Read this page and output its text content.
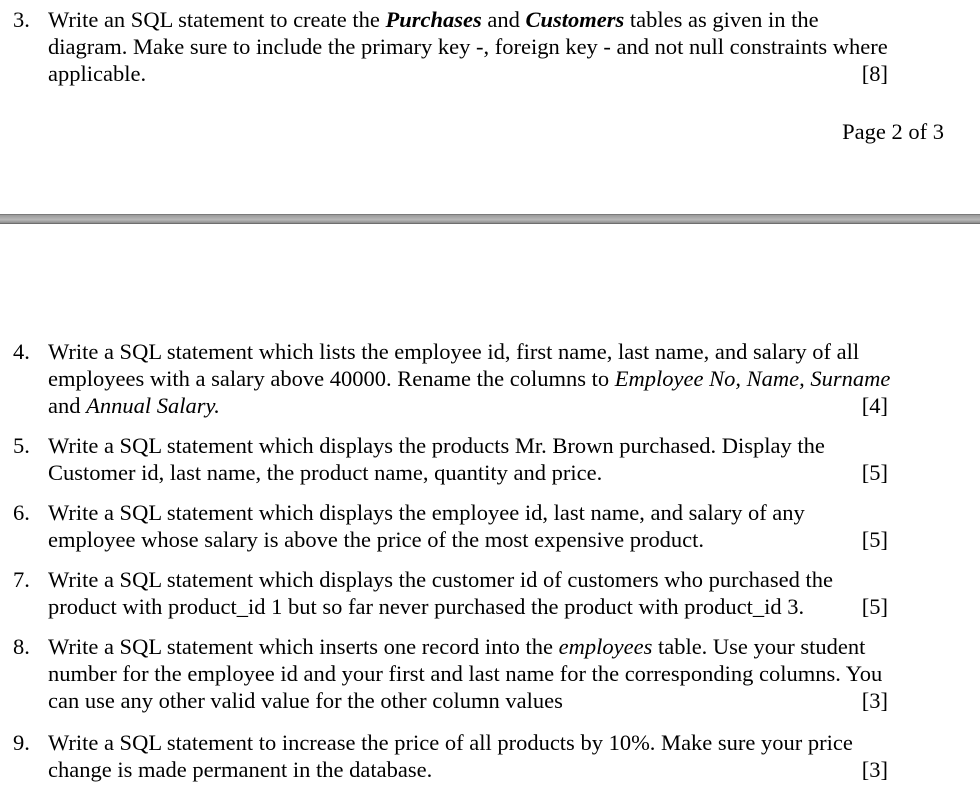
3. Write an SQL statement to create the Purchases and Customers tables as given in the
diagram. Make sure to include the primary key -, foreign key - and not null constraints where
applicable.	[8]
Page 2 of 3
4. Write a SQL statement which lists the employee id, first name, last name, and salary of all
employees with a salary above 40000. Rename the columns to Employee No, Name, Surname
and Annual Salary.	[4]
5. Write a SQL statement which displays the products Mr. Brown purchased. Display the
Customer id, last name, the product name, quantity and price.	[5]
6. Write a SQL statement which displays the employee id, last name, and salary of any
employee whose salary is above the price of the most expensive product.	[5]
7. Write a SQL statement which displays the customer id of customers who purchased the
product with product_id 1 but so far never purchased the product with product_id 3.	[5]
8. Write a SQL statement which inserts one record into the employees table. Use your student
number for the employee id and your first and last name for the corresponding columns. You
can use any other valid value for the other column values	[3]
9. Write a SQL statement to increase the price of all products by 10%. Make sure your price
change is made permanent in the database.	[3]
